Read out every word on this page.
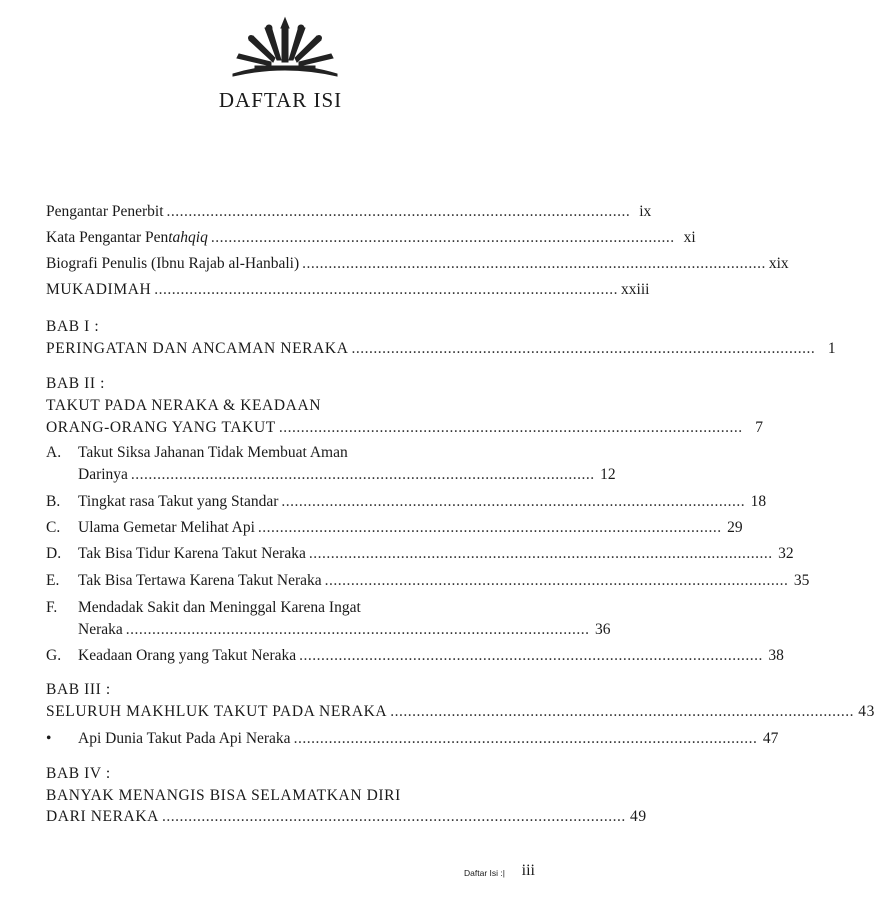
DAFTAR ISI
Pengantar Penerbit .......................................................................................................... ix
Kata Pengantar Pentahqiq .......................................................................................................... xi
Biografi Penulis (Ibnu Rajab al-Hanbali) .......................................................................................................... xix
MUKADIMAH .......................................................................................................... xxiii
BAB I :
PERINGATAN DAN ANCAMAN NERAKA .......................................................................................................... 1
BAB II :
TAKUT PADA NERAKA & KEADAAN
ORANG-ORANG YANG TAKUT .......................................................................................................... 7
A. Takut Siksa Jahanan Tidak Membuat Aman
Darinya .......................................................................................................... 12
B. Tingkat rasa Takut yang Standar .......................................................................................................... 18
C. Ulama Gemetar Melihat Api .......................................................................................................... 29
D. Tak Bisa Tidur Karena Takut Neraka .......................................................................................................... 32
E. Tak Bisa Tertawa Karena Takut Neraka .......................................................................................................... 35
F. Mendadak Sakit dan Meninggal Karena Ingat
Neraka .......................................................................................................... 36
G. Keadaan Orang yang Takut Neraka .......................................................................................................... 38
BAB III :
SELURUH MAKHLUK TAKUT PADA NERAKA .......................................................................................................... 43
• Api Dunia Takut Pada Api Neraka .......................................................................................................... 47
BAB IV :
BANYAK MENANGIS BISA SELAMATKAN DIRI
DARI NERAKA .......................................................................................................... 49
Daftar Isi :| iii
